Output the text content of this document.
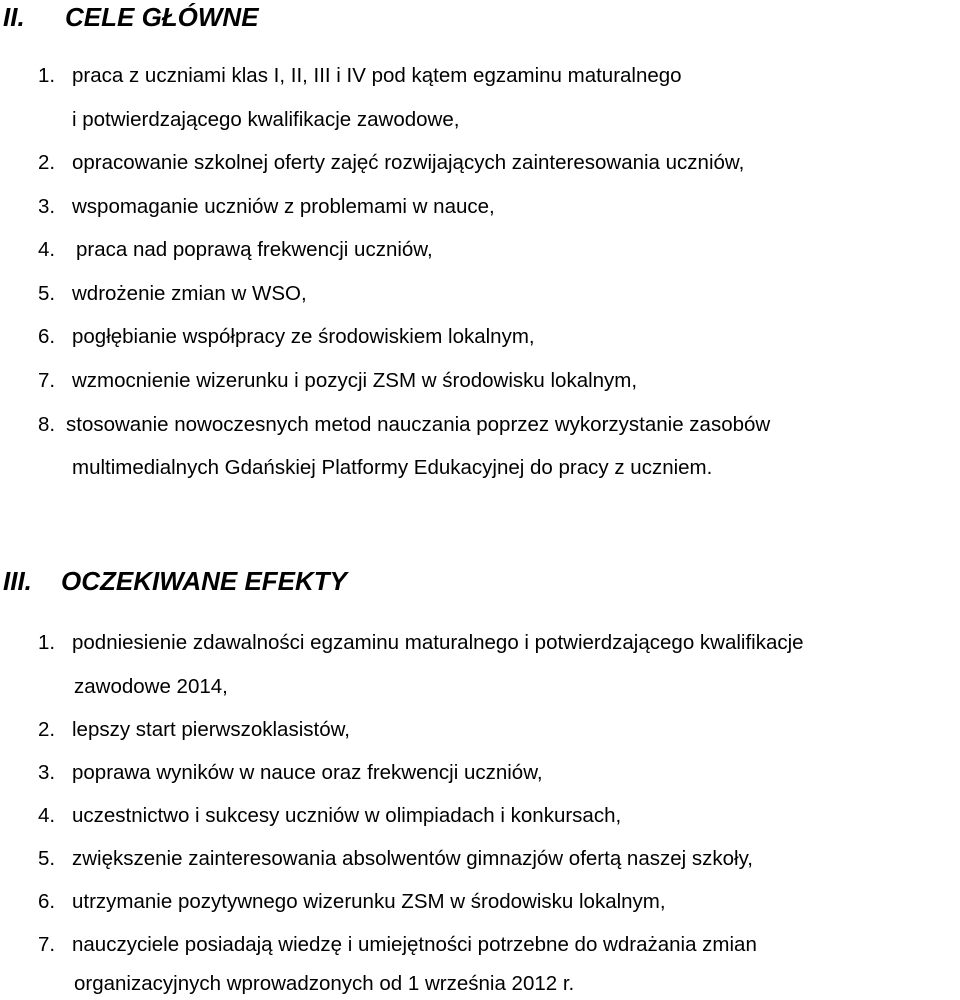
II. CELE GŁÓWNE
1. praca z uczniami klas I, II, III i IV pod kątem egzaminu maturalnego
i potwierdzającego kwalifikacje zawodowe,
2. opracowanie szkolnej oferty zajęć rozwijających zainteresowania uczniów,
3. wspomaganie uczniów z problemami w nauce,
4. praca nad poprawą frekwencji uczniów,
5. wdrożenie zmian w WSO,
6. pogłębianie współpracy ze środowiskiem lokalnym,
7. wzmocnienie wizerunku i pozycji ZSM w środowisku lokalnym,
8. stosowanie nowoczesnych metod nauczania poprzez wykorzystanie zasobów
multimedialnych Gdańskiej Platformy Edukacyjnej do pracy z uczniem.
III. OCZEKIWANE EFEKTY
1. podniesienie zdawalności egzaminu maturalnego i potwierdzającego kwalifikacje
zawodowe 2014,
2. lepszy start pierwszoklasistów,
3. poprawa wyników w nauce oraz frekwencji uczniów,
4. uczestnictwo i sukcesy uczniów w olimpiadach i konkursach,
5. zwiększenie zainteresowania absolwentów gimnazjów ofertą naszej szkoły,
6. utrzymanie pozytywnego wizerunku ZSM w środowisku lokalnym,
7. nauczyciele posiadają wiedzę i umiejętności potrzebne do wdrażania zmian
organizacyjnych wprowadzonych od 1 września 2012 r.
